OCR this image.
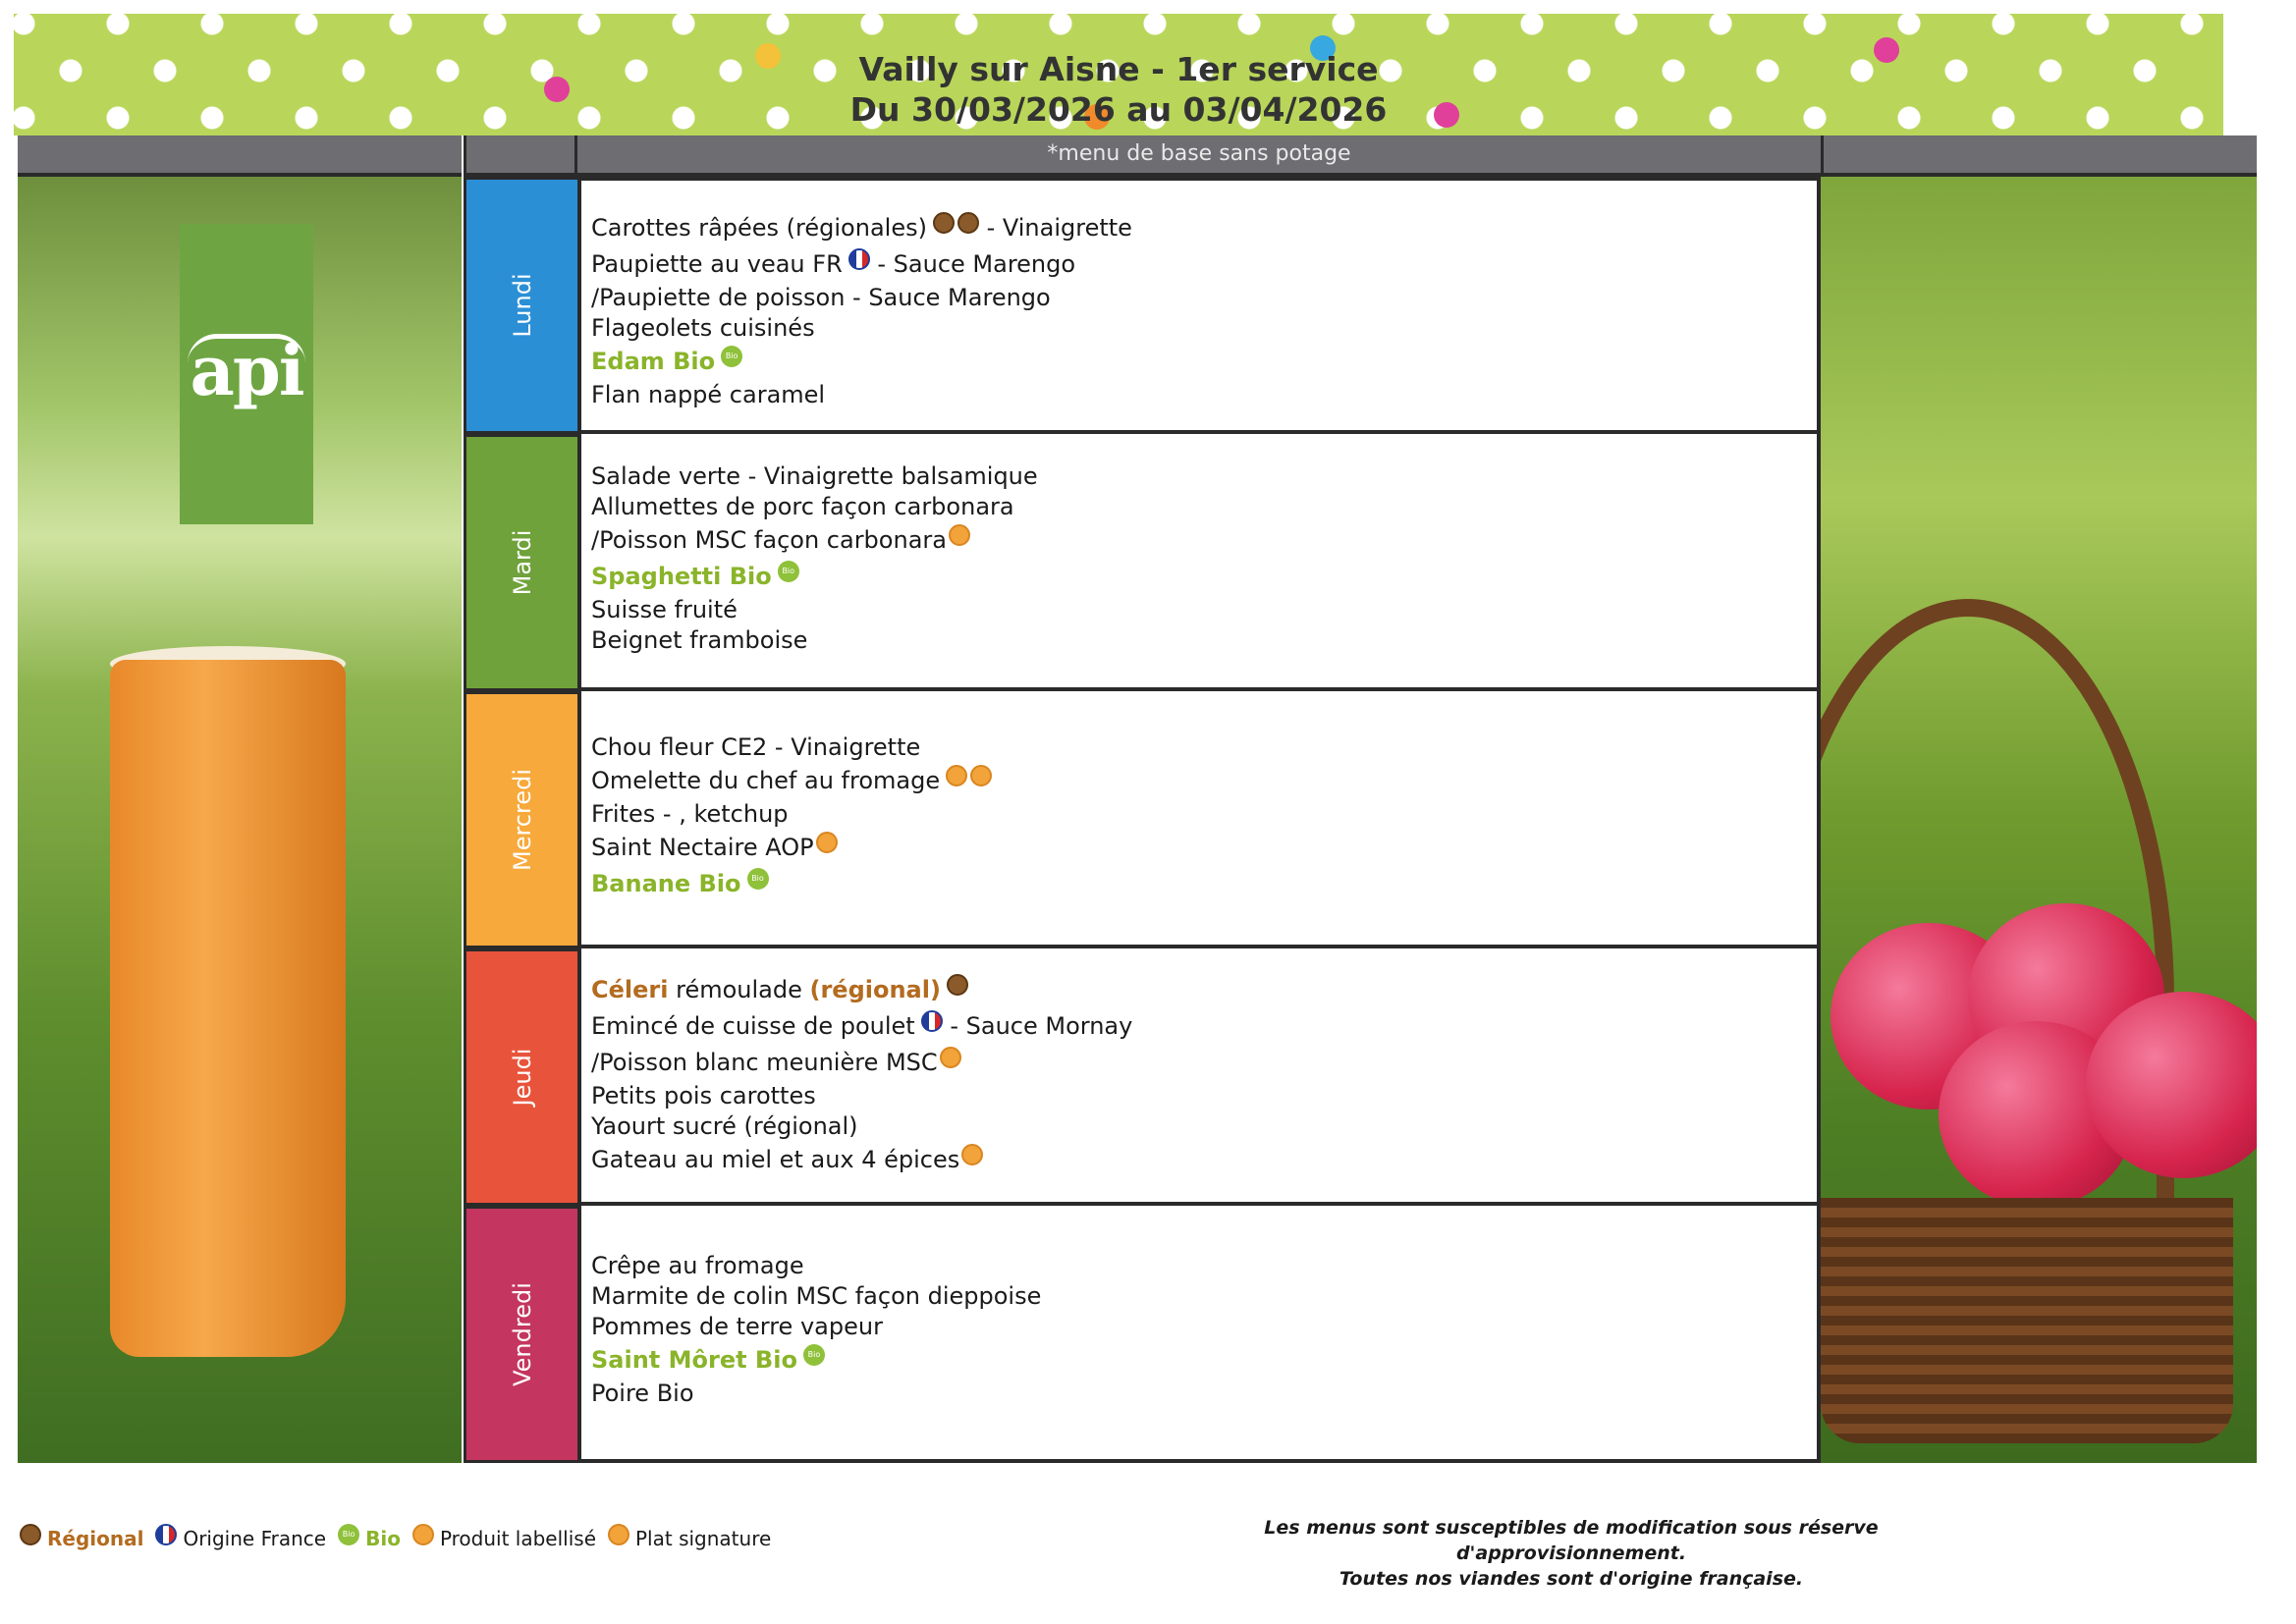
Vailly sur Aisne - 1er service
Du 30/03/2026 au 03/04/2026
*menu de base sans potage
api
Lundi
Carottes râpées (régionales) - Vinaigrette
Paupiette au veau FR - Sauce Marengo
/Paupiette de poisson - Sauce Marengo
Flageolets cuisinés
Edam Bio	Bio
Flan nappé caramel
Mardi
Salade verte - Vinaigrette balsamique
Allumettes de porc façon carbonara
/Poisson MSC façon carbonara
Spaghetti Bio	Bio
Suisse fruité
Beignet framboise
Mercredi
Chou fleur CE2 - Vinaigrette
Omelette du chef au fromage
Frites - , ketchup
Saint Nectaire AOP
Banane Bio	Bio
Jeudi
Céleri rémoulade (régional)
Emincé de cuisse de poulet - Sauce Mornay
/Poisson blanc meunière MSC
Petits pois carottes
Yaourt sucré (régional)
Gateau au miel et aux 4 épices
Vendredi
Crêpe au fromage
Marmite de colin MSC façon dieppoise
Pommes de terre vapeur
Saint Môret Bio	Bio
Poire Bio
Régional Origine France	Bio Bio Produit labellisé Plat signature	Les menus sont susceptibles de modification sous réserve d'approvisionnement.
Toutes nos viandes sont d'origine française.
